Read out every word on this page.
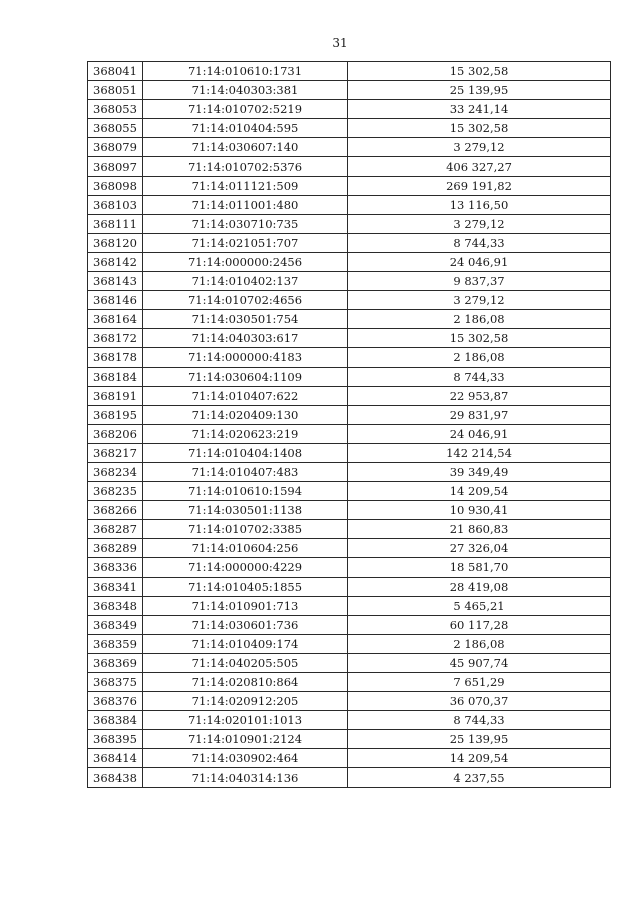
31
368041	71:14:010610:1731	15 302,58
368051	71:14:040303:381	25 139,95
368053	71:14:010702:5219	33 241,14
368055	71:14:010404:595	15 302,58
368079	71:14:030607:140	3 279,12
368097	71:14:010702:5376	406 327,27
368098	71:14:011121:509	269 191,82
368103	71:14:011001:480	13 116,50
368111	71:14:030710:735	3 279,12
368120	71:14:021051:707	8 744,33
368142	71:14:000000:2456	24 046,91
368143	71:14:010402:137	9 837,37
368146	71:14:010702:4656	3 279,12
368164	71:14:030501:754	2 186,08
368172	71:14:040303:617	15 302,58
368178	71:14:000000:4183	2 186,08
368184	71:14:030604:1109	8 744,33
368191	71:14:010407:622	22 953,87
368195	71:14:020409:130	29 831,97
368206	71:14:020623:219	24 046,91
368217	71:14:010404:1408	142 214,54
368234	71:14:010407:483	39 349,49
368235	71:14:010610:1594	14 209,54
368266	71:14:030501:1138	10 930,41
368287	71:14:010702:3385	21 860,83
368289	71:14:010604:256	27 326,04
368336	71:14:000000:4229	18 581,70
368341	71:14:010405:1855	28 419,08
368348	71:14:010901:713	5 465,21
368349	71:14:030601:736	60 117,28
368359	71:14:010409:174	2 186,08
368369	71:14:040205:505	45 907,74
368375	71:14:020810:864	7 651,29
368376	71:14:020912:205	36 070,37
368384	71:14:020101:1013	8 744,33
368395	71:14:010901:2124	25 139,95
368414	71:14:030902:464	14 209,54
368438	71:14:040314:136	4 237,55
